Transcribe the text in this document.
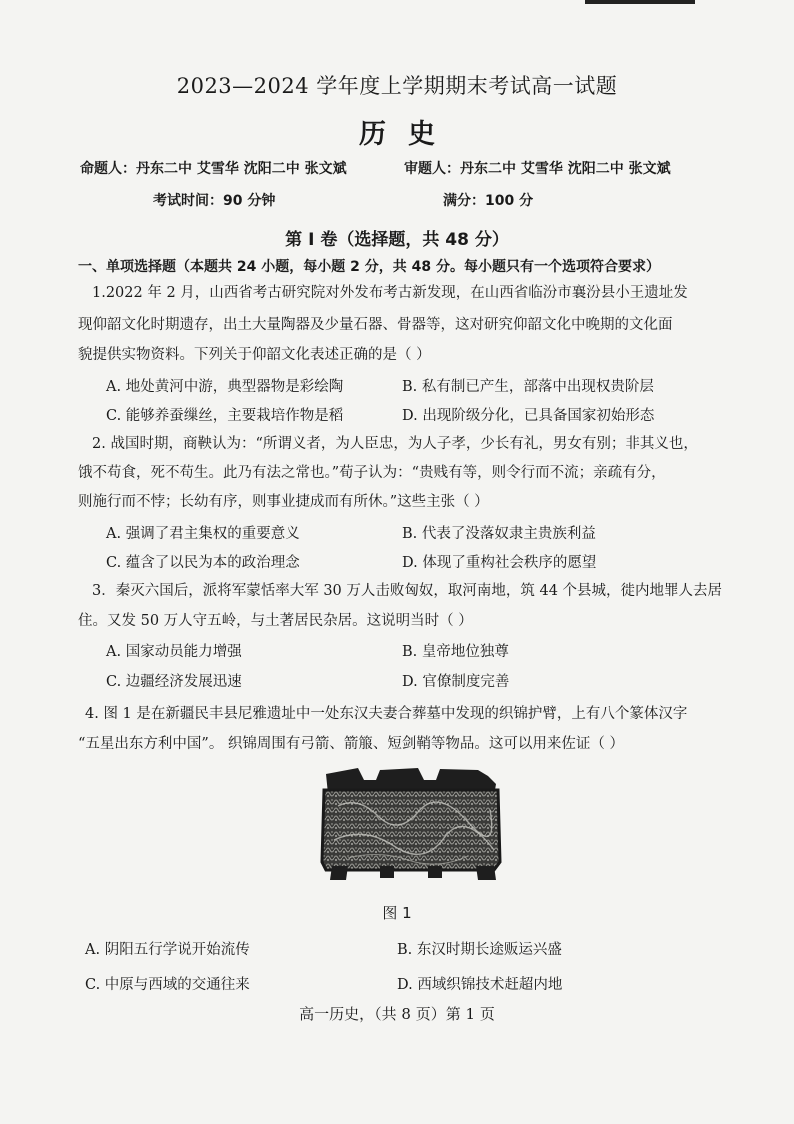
2023—2024 学年度上学期期末考试高一试题
历史
命题人：丹东二中 艾雪华 沈阳二中 张文斌	审题人：丹东二中 艾雪华 沈阳二中 张文斌
考试时间：90 分钟	满分：100 分
第 I 卷（选择题，共 48 分）
一、单项选择题（本题共 24 小题，每小题 2 分，共 48 分。每小题只有一个选项符合要求）
1.2022 年 2 月，山西省考古研究院对外发布考古新发现，在山西省临汾市襄汾县小王遗址发
现仰韶文化时期遗存，出土大量陶器及少量石器、骨器等，这对研究仰韶文化中晚期的文化面
貌提供实物资料。下列关于仰韶文化表述正确的是（ ）
A. 地处黄河中游，典型器物是彩绘陶	B. 私有制已产生，部落中出现权贵阶层
C. 能够养蚕缫丝，主要栽培作物是稻	D. 出现阶级分化，已具备国家初始形态
2. 战国时期，商鞅认为：“所谓义者，为人臣忠，为人子孝，少长有礼，男女有别；非其义也，
饿不苟食，死不苟生。此乃有法之常也。”荀子认为：“贵贱有等，则令行而不流；亲疏有分，
则施行而不悖；长幼有序，则事业捷成而有所休。”这些主张（ ）
A. 强调了君主集权的重要意义	B. 代表了没落奴隶主贵族利益
C. 蕴含了以民为本的政治理念	D. 体现了重构社会秩序的愿望
3．秦灭六国后，派将军蒙恬率大军 30 万人击败匈奴，取河南地，筑 44 个县城，徙内地罪人去居
住。又发 50 万人守五岭，与土著居民杂居。这说明当时（ ）
A. 国家动员能力增强	B. 皇帝地位独尊
C. 边疆经济发展迅速	D. 官僚制度完善
4. 图 1 是在新疆民丰县尼雅遗址中一处东汉夫妻合葬墓中发现的织锦护臂，上有八个篆体汉字
“五星出东方利中国”。 织锦周围有弓箭、箭箙、短剑鞘等物品。这可以用来佐证（ ）
图 1
A. 阴阳五行学说开始流传	B. 东汉时期长途贩运兴盛
C. 中原与西域的交通往来	D. 西域织锦技术赶超内地
高一历史，（共 8 页）第 1 页
